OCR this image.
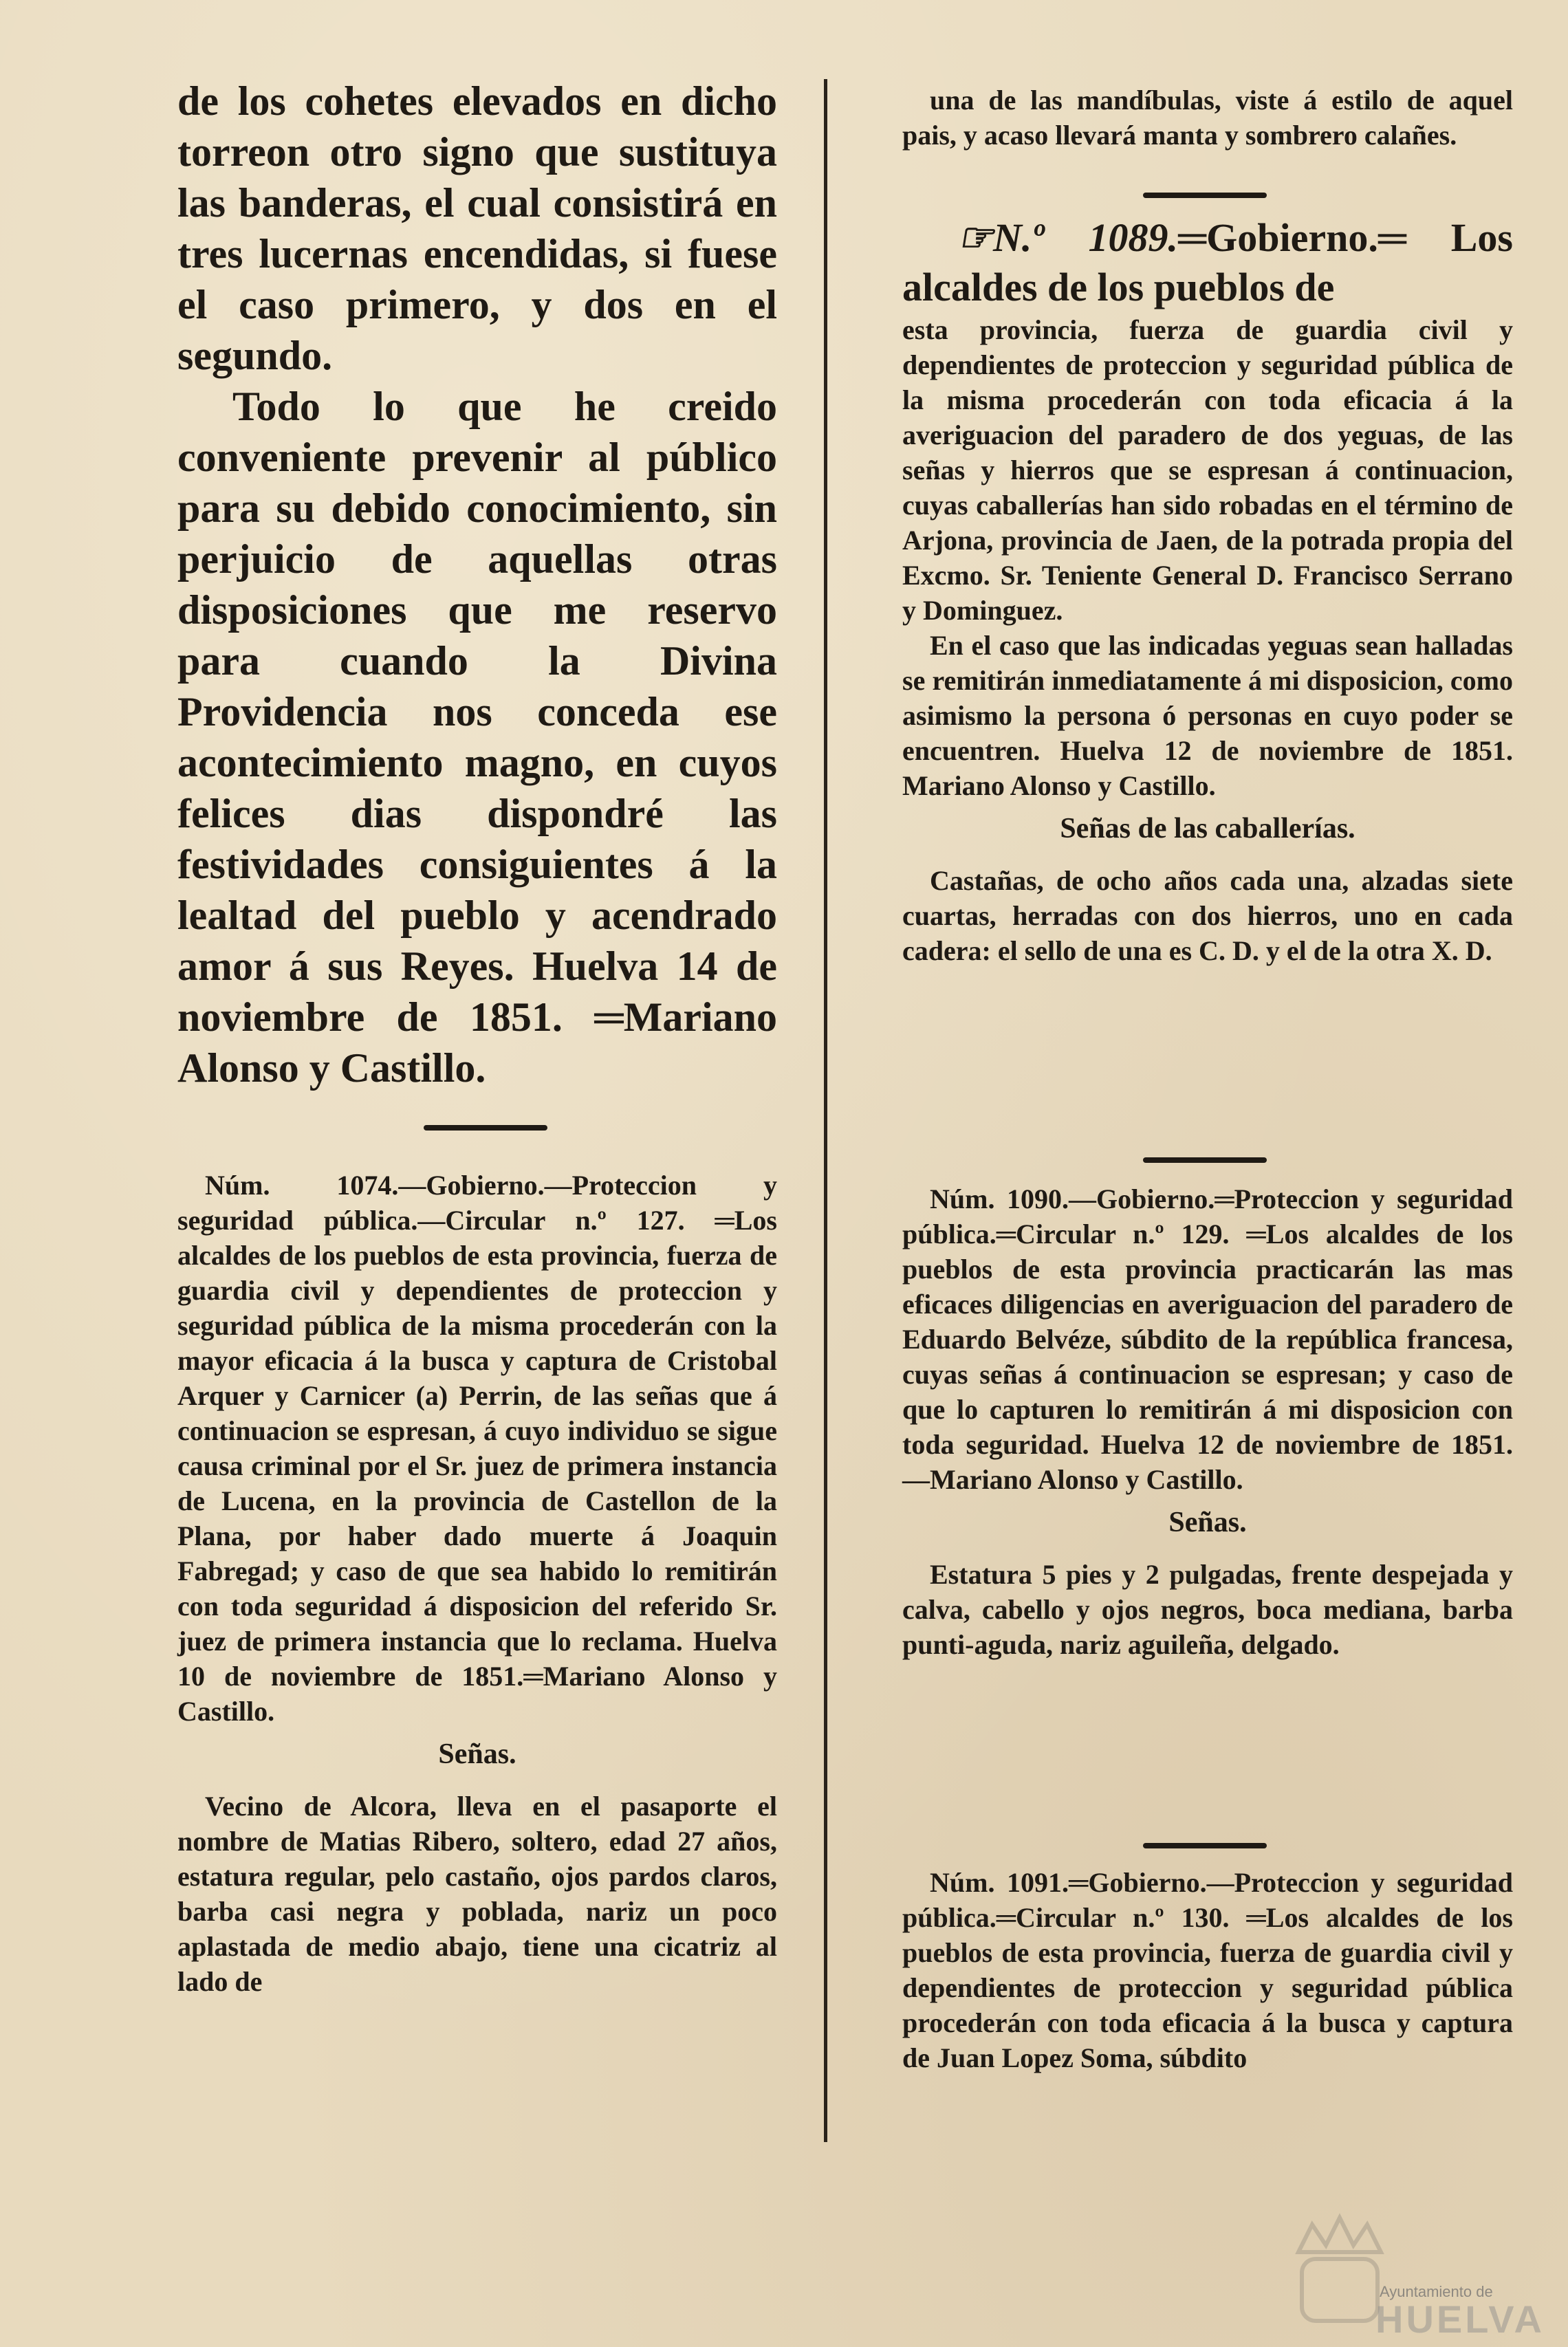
de los cohetes elevados en dicho torreon otro signo que sustituya las banderas, el cual consistirá en tres lucernas encendidas, si fuese el caso primero, y dos en el segundo.

Todo lo que he creido conveniente prevenir al público para su debido conocimiento, sin perjuicio de aquellas otras disposiciones que me reservo para cuando la Divina Providencia nos conceda ese acontecimiento magno, en cuyos felices dias dispondré las festividades consiguientes á la lealtad del pueblo y acendrado amor á sus Reyes. Huelva 14 de noviembre de 1851. ═Mariano Alonso y Castillo.

Núm. 1074.—Gobierno.—Proteccion y seguridad pública.—Circular n.º 127. ═Los alcaldes de los pueblos de esta provincia, fuerza de guardia civil y dependientes de proteccion y seguridad pública de la misma procederán con la mayor eficacia á la busca y captura de Cristobal Arquer y Carnicer (a) Perrin, de las señas que á continuacion se espresan, á cuyo individuo se sigue causa criminal por el Sr. juez de primera instancia de Lucena, en la provincia de Castellon de la Plana, por haber dado muerte á Joaquin Fabregad; y caso de que sea habido lo remitirán con toda seguridad á disposicion del referido Sr. juez de primera instancia que lo reclama. Huelva 10 de noviembre de 1851.═Mariano Alonso y Castillo.

Señas.

Vecino de Alcora, lleva en el pasaporte el nombre de Matias Ribero, soltero, edad 27 años, estatura regular, pelo castaño, ojos pardos claros, barba casi negra y poblada, nariz un poco aplastada de medio abajo, tiene una cicatriz al lado de

una de las mandíbulas, viste á estilo de aquel pais, y acaso llevará manta y sombrero calañes.

☞N.º 1089.═Gobierno.═ Los alcaldes de los pueblos de

esta provincia, fuerza de guardia civil y dependientes de proteccion y seguridad pública de la misma procederán con toda eficacia á la averiguacion del paradero de dos yeguas, de las señas y hierros que se espresan á continuacion, cuyas caballerías han sido robadas en el término de Arjona, provincia de Jaen, de la potrada propia del Excmo. Sr. Teniente General D. Francisco Serrano y Dominguez.

En el caso que las indicadas yeguas sean halladas se remitirán inmediatamente á mi disposicion, como asimismo la persona ó personas en cuyo poder se encuentren. Huelva 12 de noviembre de 1851. Mariano Alonso y Castillo.

Señas de las caballerías.

Castañas, de ocho años cada una, alzadas siete cuartas, herradas con dos hierros, uno en cada cadera: el sello de una es C. D. y el de la otra X. D.

Núm. 1090.—Gobierno.═Proteccion y seguridad pública.═Circular n.º 129. ═Los alcaldes de los pueblos de esta provincia practicarán las mas eficaces diligencias en averiguacion del paradero de Eduardo Belvéze, súbdito de la república francesa, cuyas señas á continuacion se espresan; y caso de que lo capturen lo remitirán á mi disposicion con toda seguridad. Huelva 12 de noviembre de 1851. —Mariano Alonso y Castillo.

Señas.

Estatura 5 pies y 2 pulgadas, frente despejada y calva, cabello y ojos negros, boca mediana, barba punti-aguda, nariz aguileña, delgado.

Núm. 1091.═Gobierno.—Proteccion y seguridad pública.═Circular n.º 130. ═Los alcaldes de los pueblos de esta provincia, fuerza de guardia civil y dependientes de proteccion y seguridad pública procederán con toda eficacia á la busca y captura de Juan Lopez Soma, súbdito

Ayuntamiento de
HUELVA
